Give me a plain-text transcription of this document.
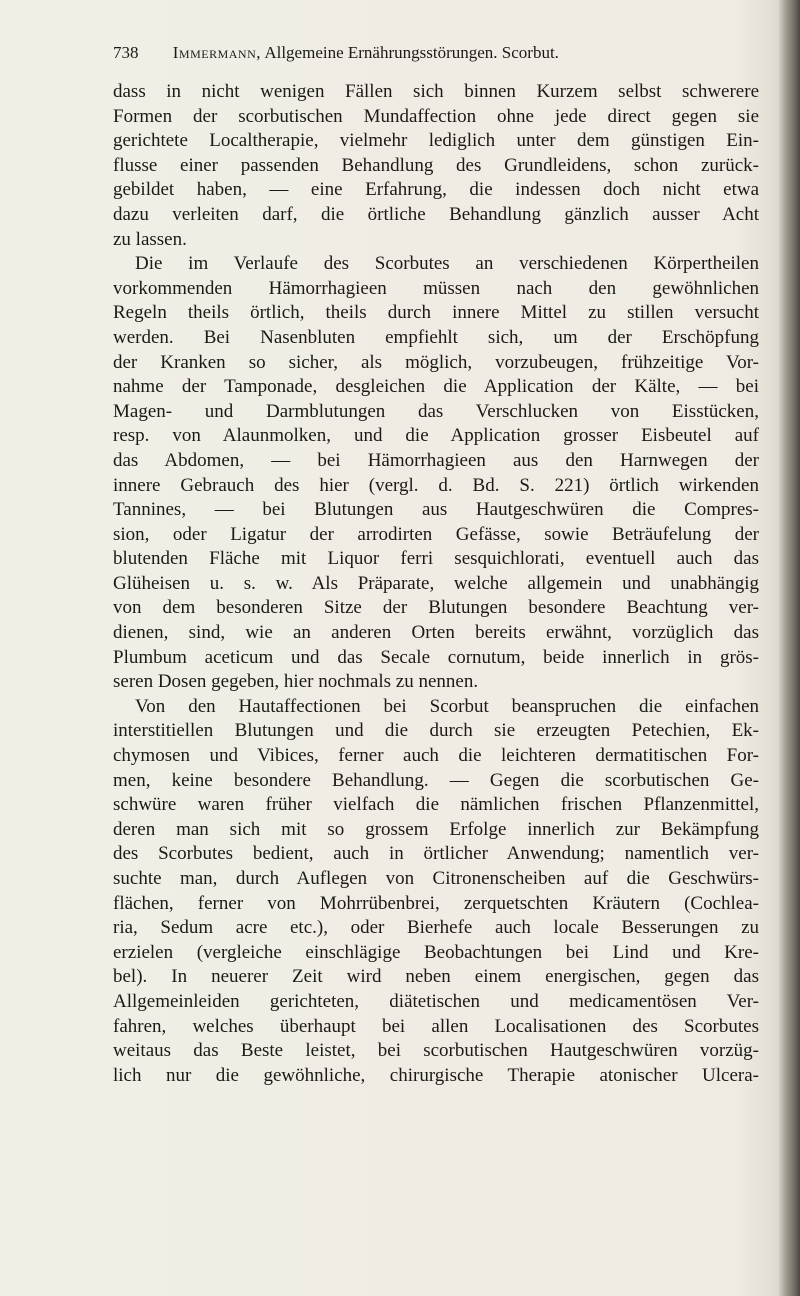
738 Immermann, Allgemeine Ernährungsstörungen. Scorbut.
dass in nicht wenigen Fällen sich binnen Kurzem selbst schwerere
Formen der scorbutischen Mundaffection ohne jede direct gegen sie
gerichtete Localtherapie, vielmehr lediglich unter dem günstigen Ein-
flusse einer passenden Behandlung des Grundleidens, schon zurück-
gebildet haben, — eine Erfahrung, die indessen doch nicht etwa
dazu verleiten darf, die örtliche Behandlung gänzlich ausser Acht
zu lassen.
Die im Verlaufe des Scorbutes an verschiedenen Körpertheilen
vorkommenden Hämorrhagieen müssen nach den gewöhnlichen
Regeln theils örtlich, theils durch innere Mittel zu stillen versucht
werden. Bei Nasenbluten empfiehlt sich, um der Erschöpfung
der Kranken so sicher, als möglich, vorzubeugen, frühzeitige Vor-
nahme der Tamponade, desgleichen die Application der Kälte, — bei
Magen- und Darmblutungen das Verschlucken von Eisstücken,
resp. von Alaunmolken, und die Application grosser Eisbeutel auf
das Abdomen, — bei Hämorrhagieen aus den Harnwegen der
innere Gebrauch des hier (vergl. d. Bd. S. 221) örtlich wirkenden
Tannines, — bei Blutungen aus Hautgeschwüren die Compres-
sion, oder Ligatur der arrodirten Gefässe, sowie Beträufelung der
blutenden Fläche mit Liquor ferri sesquichlorati, eventuell auch das
Glüheisen u. s. w. Als Präparate, welche allgemein und unabhängig
von dem besonderen Sitze der Blutungen besondere Beachtung ver-
dienen, sind, wie an anderen Orten bereits erwähnt, vorzüglich das
Plumbum aceticum und das Secale cornutum, beide innerlich in grös-
seren Dosen gegeben, hier nochmals zu nennen.
Von den Hautaffectionen bei Scorbut beanspruchen die einfachen
interstitiellen Blutungen und die durch sie erzeugten Petechien, Ek-
chymosen und Vibices, ferner auch die leichteren dermatitischen For-
men, keine besondere Behandlung. — Gegen die scorbutischen Ge-
schwüre waren früher vielfach die nämlichen frischen Pflanzenmittel,
deren man sich mit so grossem Erfolge innerlich zur Bekämpfung
des Scorbutes bedient, auch in örtlicher Anwendung; namentlich ver-
suchte man, durch Auflegen von Citronenscheiben auf die Geschwürs-
flächen, ferner von Mohrrübenbrei, zerquetschten Kräutern (Cochlea-
ria, Sedum acre etc.), oder Bierhefe auch locale Besserungen zu
erzielen (vergleiche einschlägige Beobachtungen bei Lind und Kre-
bel). In neuerer Zeit wird neben einem energischen, gegen das
Allgemeinleiden gerichteten, diätetischen und medicamentösen Ver-
fahren, welches überhaupt bei allen Localisationen des Scorbutes
weitaus das Beste leistet, bei scorbutischen Hautgeschwüren vorzüg-
lich nur die gewöhnliche, chirurgische Therapie atonischer Ulcera-
